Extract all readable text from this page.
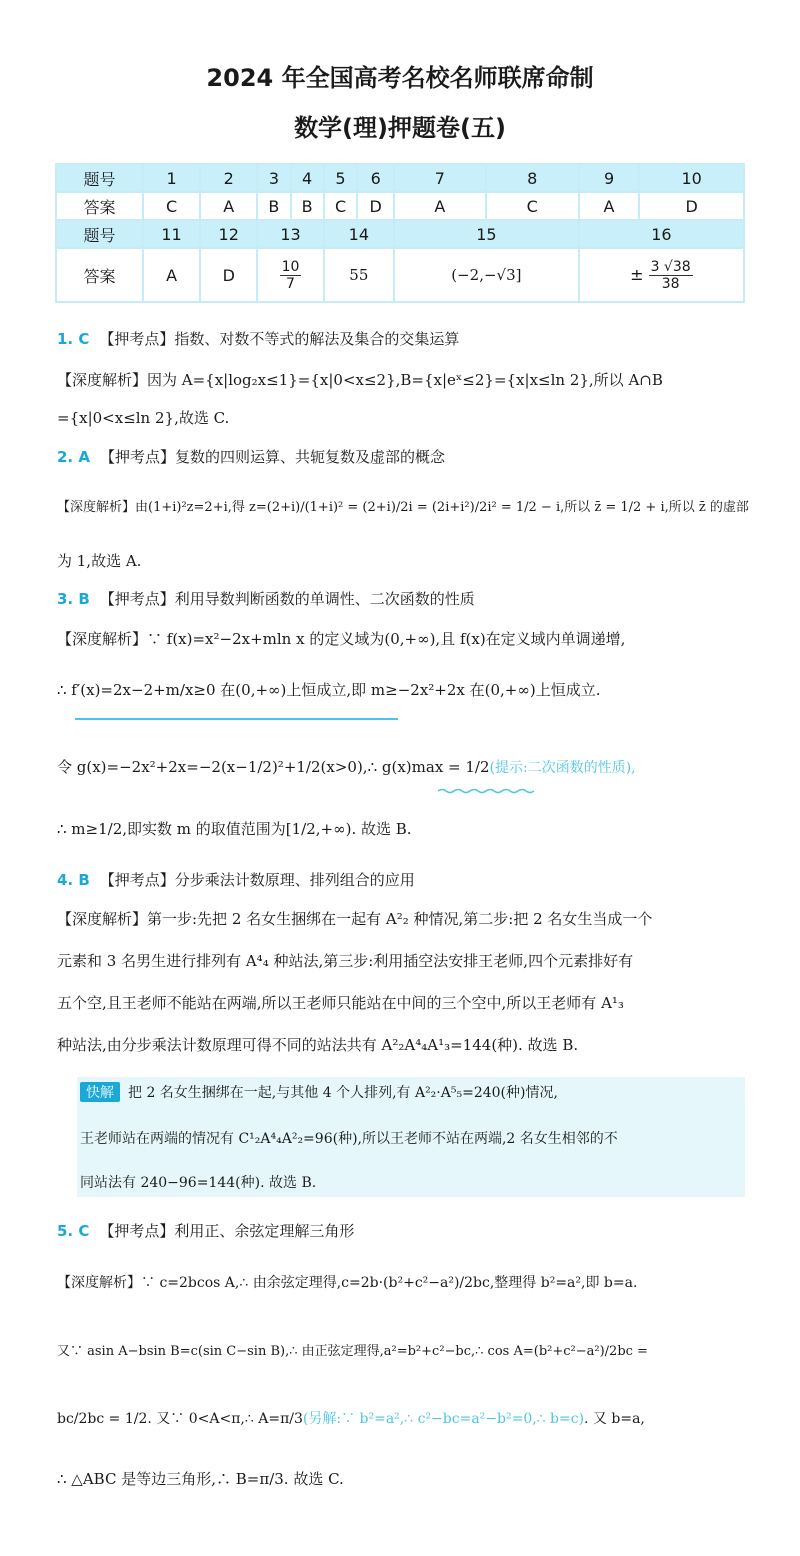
2024 年全国高考名校名师联席命制
数学(理)押题卷(五)
题号	1	2	3	4	5	6	7	8	9	10
答案	C	A	B	B	C	D	A	C	A	D
题号	11	12	13		14		15		16	
答案	A	D	$\frac{10}{7}$		55		(−2,−√3]		± $\frac{3 √38}{38}$
1. C 【押考点】指数、对数不等式的解法及集合的交集运算
【深度解析】因为 A={x|log₂x≤1}={x|0<x≤2},B={x|eˣ≤2}={x|x≤ln 2},所以 A∩B
={x|0<x≤ln 2},故选 C.
2. A 【押考点】复数的四则运算、共轭复数及虚部的概念
【深度解析】由(1+i)²z=2+i,得 z=(2+i)/(1+i)² = (2+i)/2i = (2i+i²)/2i² = 1/2 − i,所以 z̄ = 1/2 + i,所以 z̄ 的虚部
为 1,故选 A.
3. B 【押考点】利用导数判断函数的单调性、二次函数的性质
【深度解析】∵ f(x)=x²−2x+mln x 的定义域为(0,+∞),且 f(x)在定义域内单调递增,
∴ f′(x)=2x−2+m/x≥0 在(0,+∞)上恒成立,即 m≥−2x²+2x 在(0,+∞)上恒成立.
令 g(x)=−2x²+2x=−2(x−1/2)²+1/2(x>0),∴ g(x)max = 1/2(提示:二次函数的性质),
∴ m≥1/2,即实数 m 的取值范围为[1/2,+∞). 故选 B.
4. B 【押考点】分步乘法计数原理、排列组合的应用
【深度解析】第一步:先把 2 名女生捆绑在一起有 A²₂ 种情况,第二步:把 2 名女生当成一个
元素和 3 名男生进行排列有 A⁴₄ 种站法,第三步:利用插空法安排王老师,四个元素排好有
五个空,且王老师不能站在两端,所以王老师只能站在中间的三个空中,所以王老师有 A¹₃
种站法,由分步乘法计数原理可得不同的站法共有 A²₂A⁴₄A¹₃=144(种). 故选 B.
快解 把 2 名女生捆绑在一起,与其他 4 个人排列,有 A²₂·A⁵₅=240(种)情况,
王老师站在两端的情况有 C¹₂A⁴₄A²₂=96(种),所以王老师不站在两端,2 名女生相邻的不
同站法有 240−96=144(种). 故选 B.
5. C 【押考点】利用正、余弦定理解三角形
【深度解析】∵ c=2bcos A,∴ 由余弦定理得,c=2b·(b²+c²−a²)/2bc,整理得 b²=a²,即 b=a.
又∵ asin A−bsin B=c(sin C−sin B),∴ 由正弦定理得,a²=b²+c²−bc,∴ cos A=(b²+c²−a²)/2bc =
bc/2bc = 1/2. 又∵ 0<A<π,∴ A=π/3(另解:∵ b²=a²,∴ c²−bc=a²−b²=0,∴ b=c). 又 b=a,
∴ △ABC 是等边三角形,∴ B=π/3. 故选 C.
